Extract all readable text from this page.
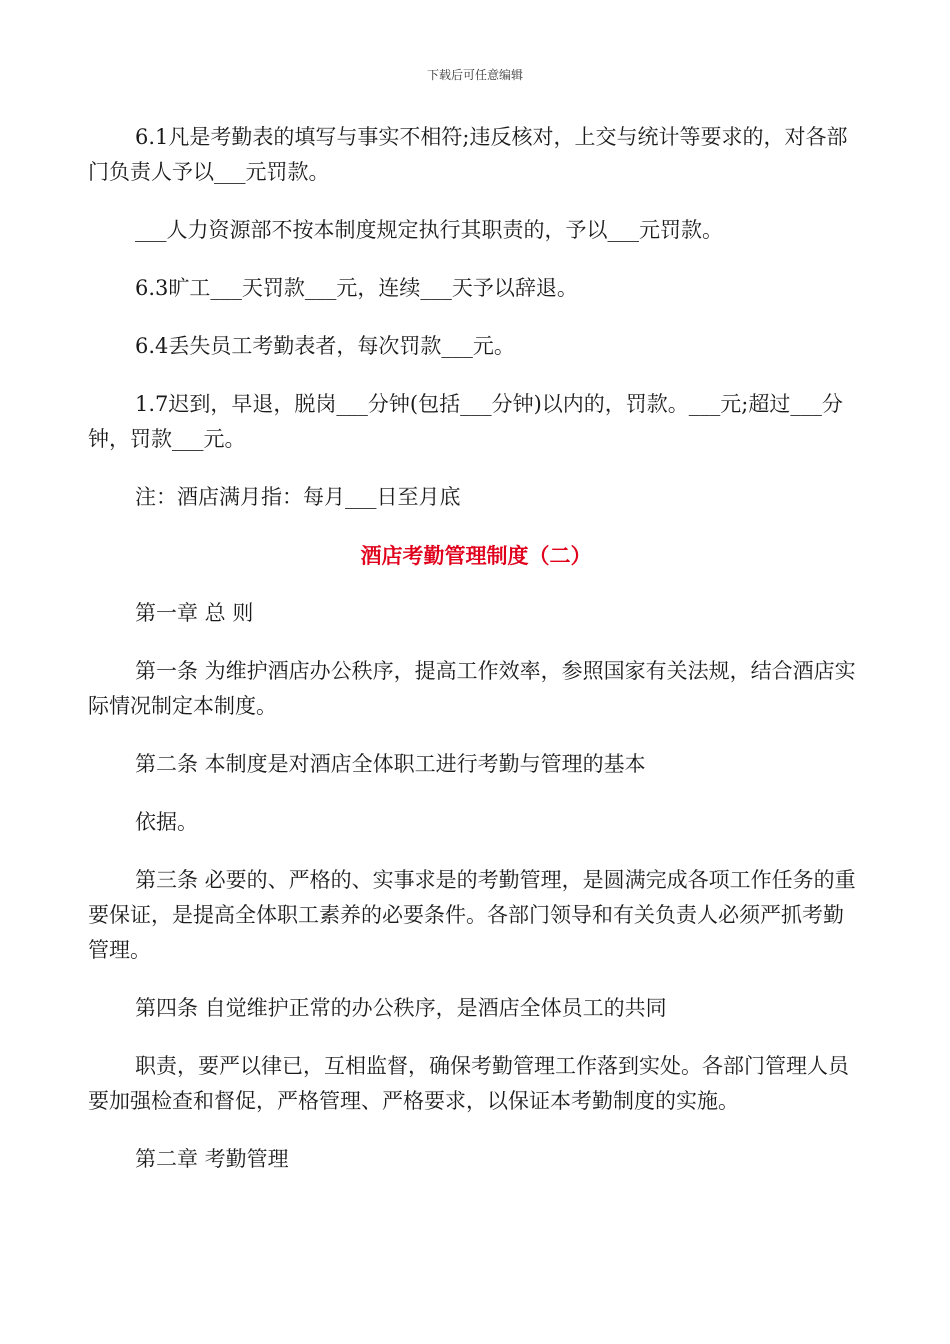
下载后可任意编辑

6.1凡是考勤表的填写与事实不相符;违反核对，上交与统计等要求的，对各部门负责人予以___元罚款。

___人力资源部不按本制度规定执行其职责的，予以___元罚款。

6.3旷工___天罚款___元，连续___天予以辞退。

6.4丢失员工考勤表者，每次罚款___元。

1.7迟到，早退，脱岗___分钟(包括___分钟)以内的，罚款。___元;超过___分钟，罚款___元。

注：酒店满月指：每月___日至月底

酒店考勤管理制度（二）

第一章 总 则

第一条 为维护酒店办公秩序，提高工作效率，参照国家有关法规，结合酒店实际情况制定本制度。

第二条 本制度是对酒店全体职工进行考勤与管理的基本

依据。

第三条 必要的、严格的、实事求是的考勤管理，是圆满完成各项工作任务的重要保证，是提高全体职工素养的必要条件。各部门领导和有关负责人必须严抓考勤管理。

第四条 自觉维护正常的办公秩序，是酒店全体员工的共同

职责，要严以律已，互相监督，确保考勤管理工作落到实处。各部门管理人员要加强检查和督促，严格管理、严格要求，以保证本考勤制度的实施。

第二章 考勤管理
